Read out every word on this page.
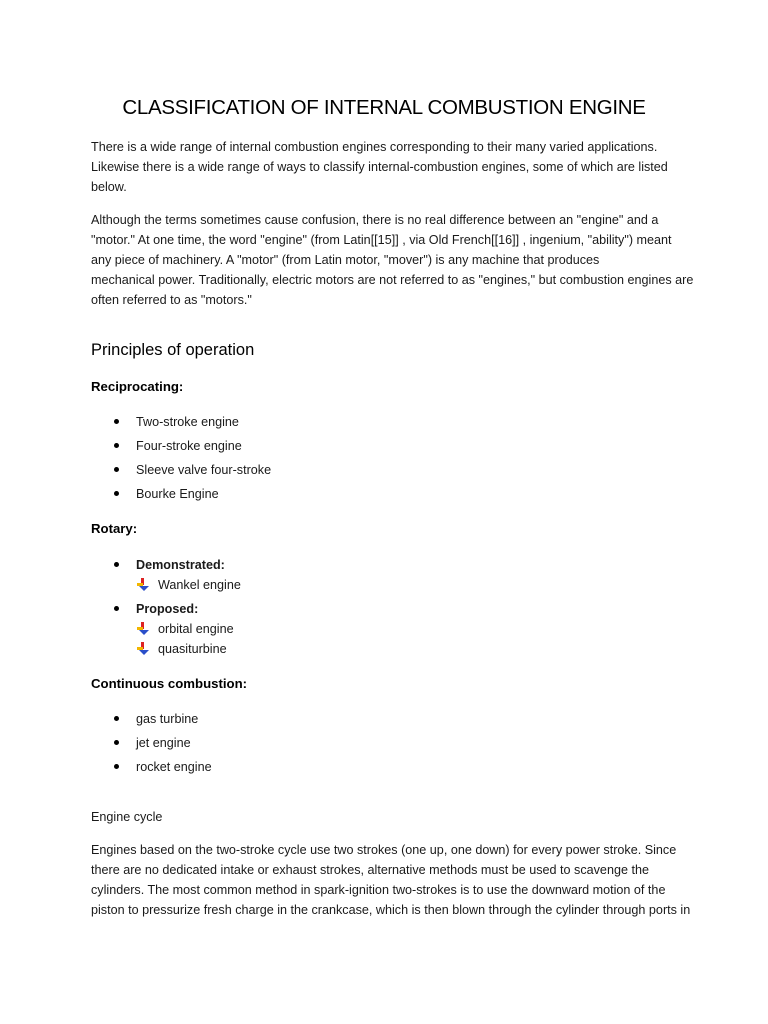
CLASSIFICATION OF INTERNAL COMBUSTION ENGINE

There is a wide range of internal combustion engines corresponding to their many varied applications.
Likewise there is a wide range of ways to classify internal-combustion engines, some of which are listed
below.

Although the terms sometimes cause confusion, there is no real difference between an "engine" and a
"motor." At one time, the word "engine" (from Latin[[15]] , via Old French[[16]] , ingenium, "ability") meant
any piece of machinery. A "motor" (from Latin motor, "mover") is any machine that produces
mechanical power. Traditionally, electric motors are not referred to as "engines," but combustion engines are
often referred to as "motors."

Principles of operation
Reciprocating:
Two-stroke engine
Four-stroke engine
Sleeve valve four-stroke
Bourke Engine
Rotary:
Demonstrated:
Wankel engine
Proposed:
orbital engine
quasiturbine
Continuous combustion:
gas turbine
jet engine
rocket engine
Engine cycle

Engines based on the two-stroke cycle use two strokes (one up, one down) for every power stroke. Since
there are no dedicated intake or exhaust strokes, alternative methods must be used to scavenge the
cylinders. The most common method in spark-ignition two-strokes is to use the downward motion of the
piston to pressurize fresh charge in the crankcase, which is then blown through the cylinder through ports in
